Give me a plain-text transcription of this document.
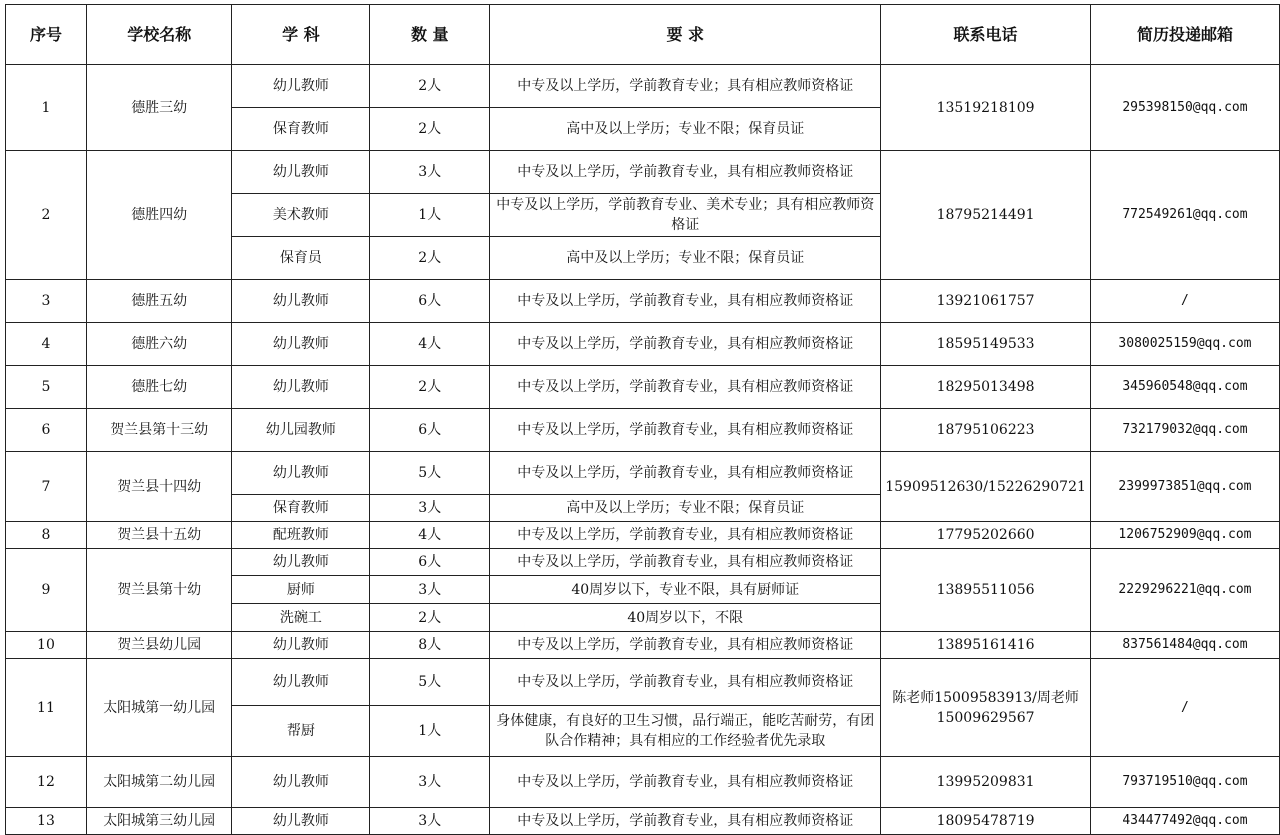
序号	学校名称	学 科	数 量	要 求	联系电话	简历投递邮箱
1	德胜三幼	幼儿教师	2人	中专及以上学历，学前教育专业；具有相应教师资格证	13519218109	295398150@qq.com
		保育教师	2人	高中及以上学历；专业不限；保育员证		
2	德胜四幼	幼儿教师	3人	中专及以上学历，学前教育专业，具有相应教师资格证	18795214491	772549261@qq.com
		美术教师	1人	中专及以上学历，学前教育专业、美术专业；具有相应教师资格证		
		保育员	2人	高中及以上学历；专业不限；保育员证		
3	德胜五幼	幼儿教师	6人	中专及以上学历，学前教育专业，具有相应教师资格证	13921061757	/
4	德胜六幼	幼儿教师	4人	中专及以上学历，学前教育专业，具有相应教师资格证	18595149533	3080025159@qq.com
5	德胜七幼	幼儿教师	2人	中专及以上学历，学前教育专业，具有相应教师资格证	18295013498	345960548@qq.com
6	贺兰县第十三幼	幼儿园教师	6人	中专及以上学历，学前教育专业，具有相应教师资格证	18795106223	732179032@qq.com
7	贺兰县十四幼	幼儿教师	5人	中专及以上学历，学前教育专业，具有相应教师资格证	15909512630/15226290721	2399973851@qq.com
		保育教师	3人	高中及以上学历；专业不限；保育员证		
8	贺兰县十五幼	配班教师	4人	中专及以上学历，学前教育专业，具有相应教师资格证	17795202660	1206752909@qq.com
9	贺兰县第十幼	幼儿教师	6人	中专及以上学历，学前教育专业，具有相应教师资格证	13895511056	2229296221@qq.com
		厨师	3人	40周岁以下，专业不限，具有厨师证		
		洗碗工	2人	40周岁以下，不限		
10	贺兰县幼儿园	幼儿教师	8人	中专及以上学历，学前教育专业，具有相应教师资格证	13895161416	837561484@qq.com
11	太阳城第一幼儿园	幼儿教师	5人	中专及以上学历，学前教育专业，具有相应教师资格证	陈老师15009583913/周老师15009629567	/
		帮厨	1人	身体健康，有良好的卫生习惯，品行端正，能吃苦耐劳，有团队合作精神；具有相应的工作经验者优先录取		
12	太阳城第二幼儿园	幼儿教师	3人	中专及以上学历，学前教育专业，具有相应教师资格证	13995209831	793719510@qq.com
13	太阳城第三幼儿园	幼儿教师	3人	中专及以上学历，学前教育专业，具有相应教师资格证	18095478719	434477492@qq.com
